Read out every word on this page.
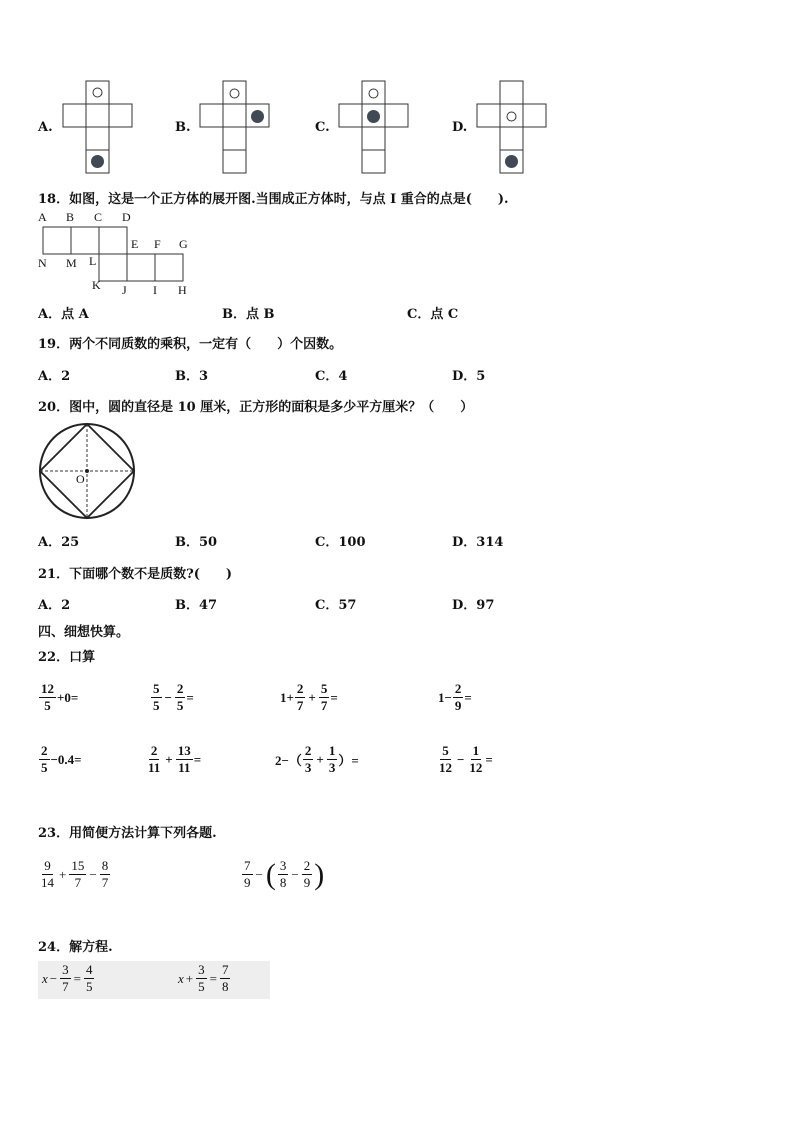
A.	B.	C.	D.
18．如图，这是一个正方体的展开图.当围成正方体时，与点 I 重合的点是(　　).
A B C D
E F G
N M L
K J I H
A．点 A	B．点 B	C．点 C
19．两个不同质数的乘积，一定有（　　）个因数。
A．2	B．3	C．4	D．5
20．图中，圆的直径是 10 厘米，正方形的面积是多少平方厘米？（　　）
O
A．25	B．50	C．100	D．314
21．下面哪个数不是质数?(　　)
A．2	B．47	C．57	D．97
四、细想快算。
22．口算
$\frac{12}{5} +0=$	$\frac{5}{5} - \frac{2}{5}$ =	$1+ \frac{2}{7} + \frac{5}{7}$ =	$1- \frac{2}{9}$ =
$\frac{2}{5} -0.4=$	$\frac{2}{11} + \frac{13}{11}$ =	$2-( \frac{2}{3} + \frac{1}{3}$ ）=	$\frac{5}{12} - \frac{1}{12}$ =
23．用简便方法计算下列各题.
$\frac{9}{14} + \frac{15}{7} - \frac{8}{7}$	$\frac{7}{9}$ − ( $\frac{3}{8} - \frac{2}{9}$ )
24．解方程.
$x - \frac{3}{7} = \frac{4}{5}$	$x + \frac{3}{5} = \frac{7}{8}$
